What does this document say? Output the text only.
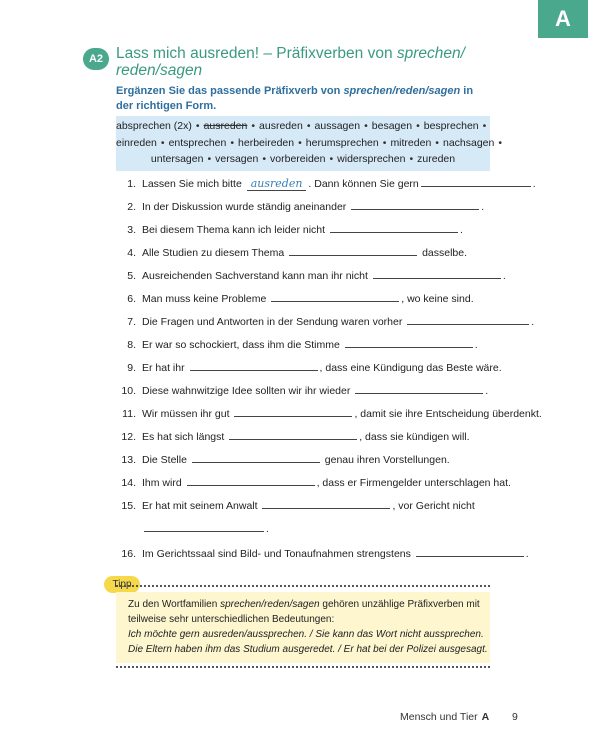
A
A2 Lass mich ausreden! – Präfixverben von sprechen/ reden/sagen
Ergänzen Sie das passende Präfixverb von sprechen/reden/sagen in der richtigen Form.
absprechen (2x) • ausreden • ausreden • aussagen • besagen • besprechen •
einreden • entsprechen • herbeireden • herumsprechen • mitreden • nachsagen •
untersagen • versagen • vorbereiden • widersprechen • zureden
1. Lassen Sie mich bitte ausreden . Dann können Sie gern	.
2. In der Diskussion wurde ständig aneinander	.
3. Bei diesem Thema kann ich leider nicht	.
4. Alle Studien zu diesem Thema	dasselbe.
5. Ausreichenden Sachverstand kann man ihr nicht	.
6. Man muss keine Probleme	, wo keine sind.
7. Die Fragen und Antworten in der Sendung waren vorher	.
8. Er war so schockiert, dass ihm die Stimme	.
9. Er hat ihr	, dass eine Kündigung das Beste wäre.
10. Diese wahnwitzige Idee sollten wir ihr wieder	.
11. Wir müssen ihr gut	, damit sie ihre Entscheidung überdenkt.
12. Es hat sich längst	, dass sie kündigen will.
13. Die Stelle	genau ihren Vorstellungen.
14. Ihm wird	, dass er Firmengelder unterschlagen hat.
15. Er hat mit seinem Anwalt	, vor Gericht nicht
.
16. Im Gerichtssaal sind Bild- und Tonaufnahmen strengstens	.
Tipp
Zu den Wortfamilien sprechen/reden/sagen gehören unzählige Präfixverben mit
teilweise sehr unterschiedlichen Bedeutungen:
Ich möchte gern ausreden/aussprechen. / Sie kann das Wort nicht aussprechen.
Die Eltern haben ihm das Studium ausgeredet. / Er hat bei der Polizei ausgesagt.
Mensch und Tier A 9
